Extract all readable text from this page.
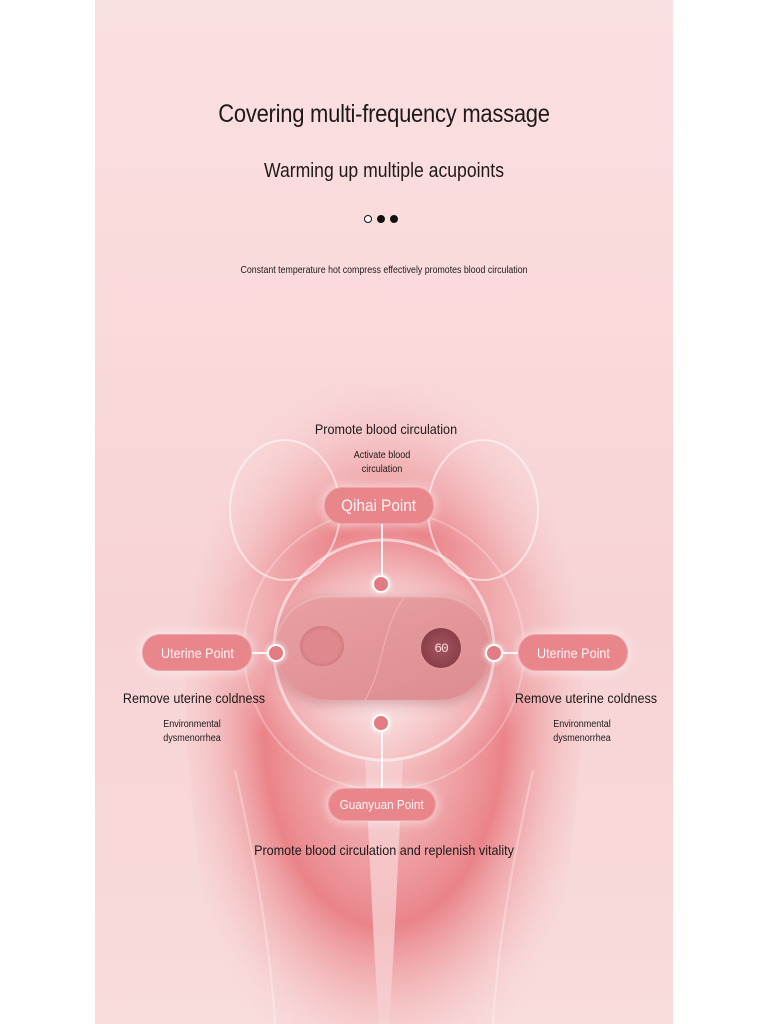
Covering multi-frequency massage
Warming up multiple acupoints
Constant temperature hot compress effectively promotes blood circulation
Promote blood circulation
Activate blood
circulation
Qihai Point
60
Uterine Point
Remove uterine coldness
Environmental
dysmenorrhea
Uterine Point
Remove uterine coldness
Environmental
dysmenorrhea
Guanyuan Point
Promote blood circulation and replenish vitality
